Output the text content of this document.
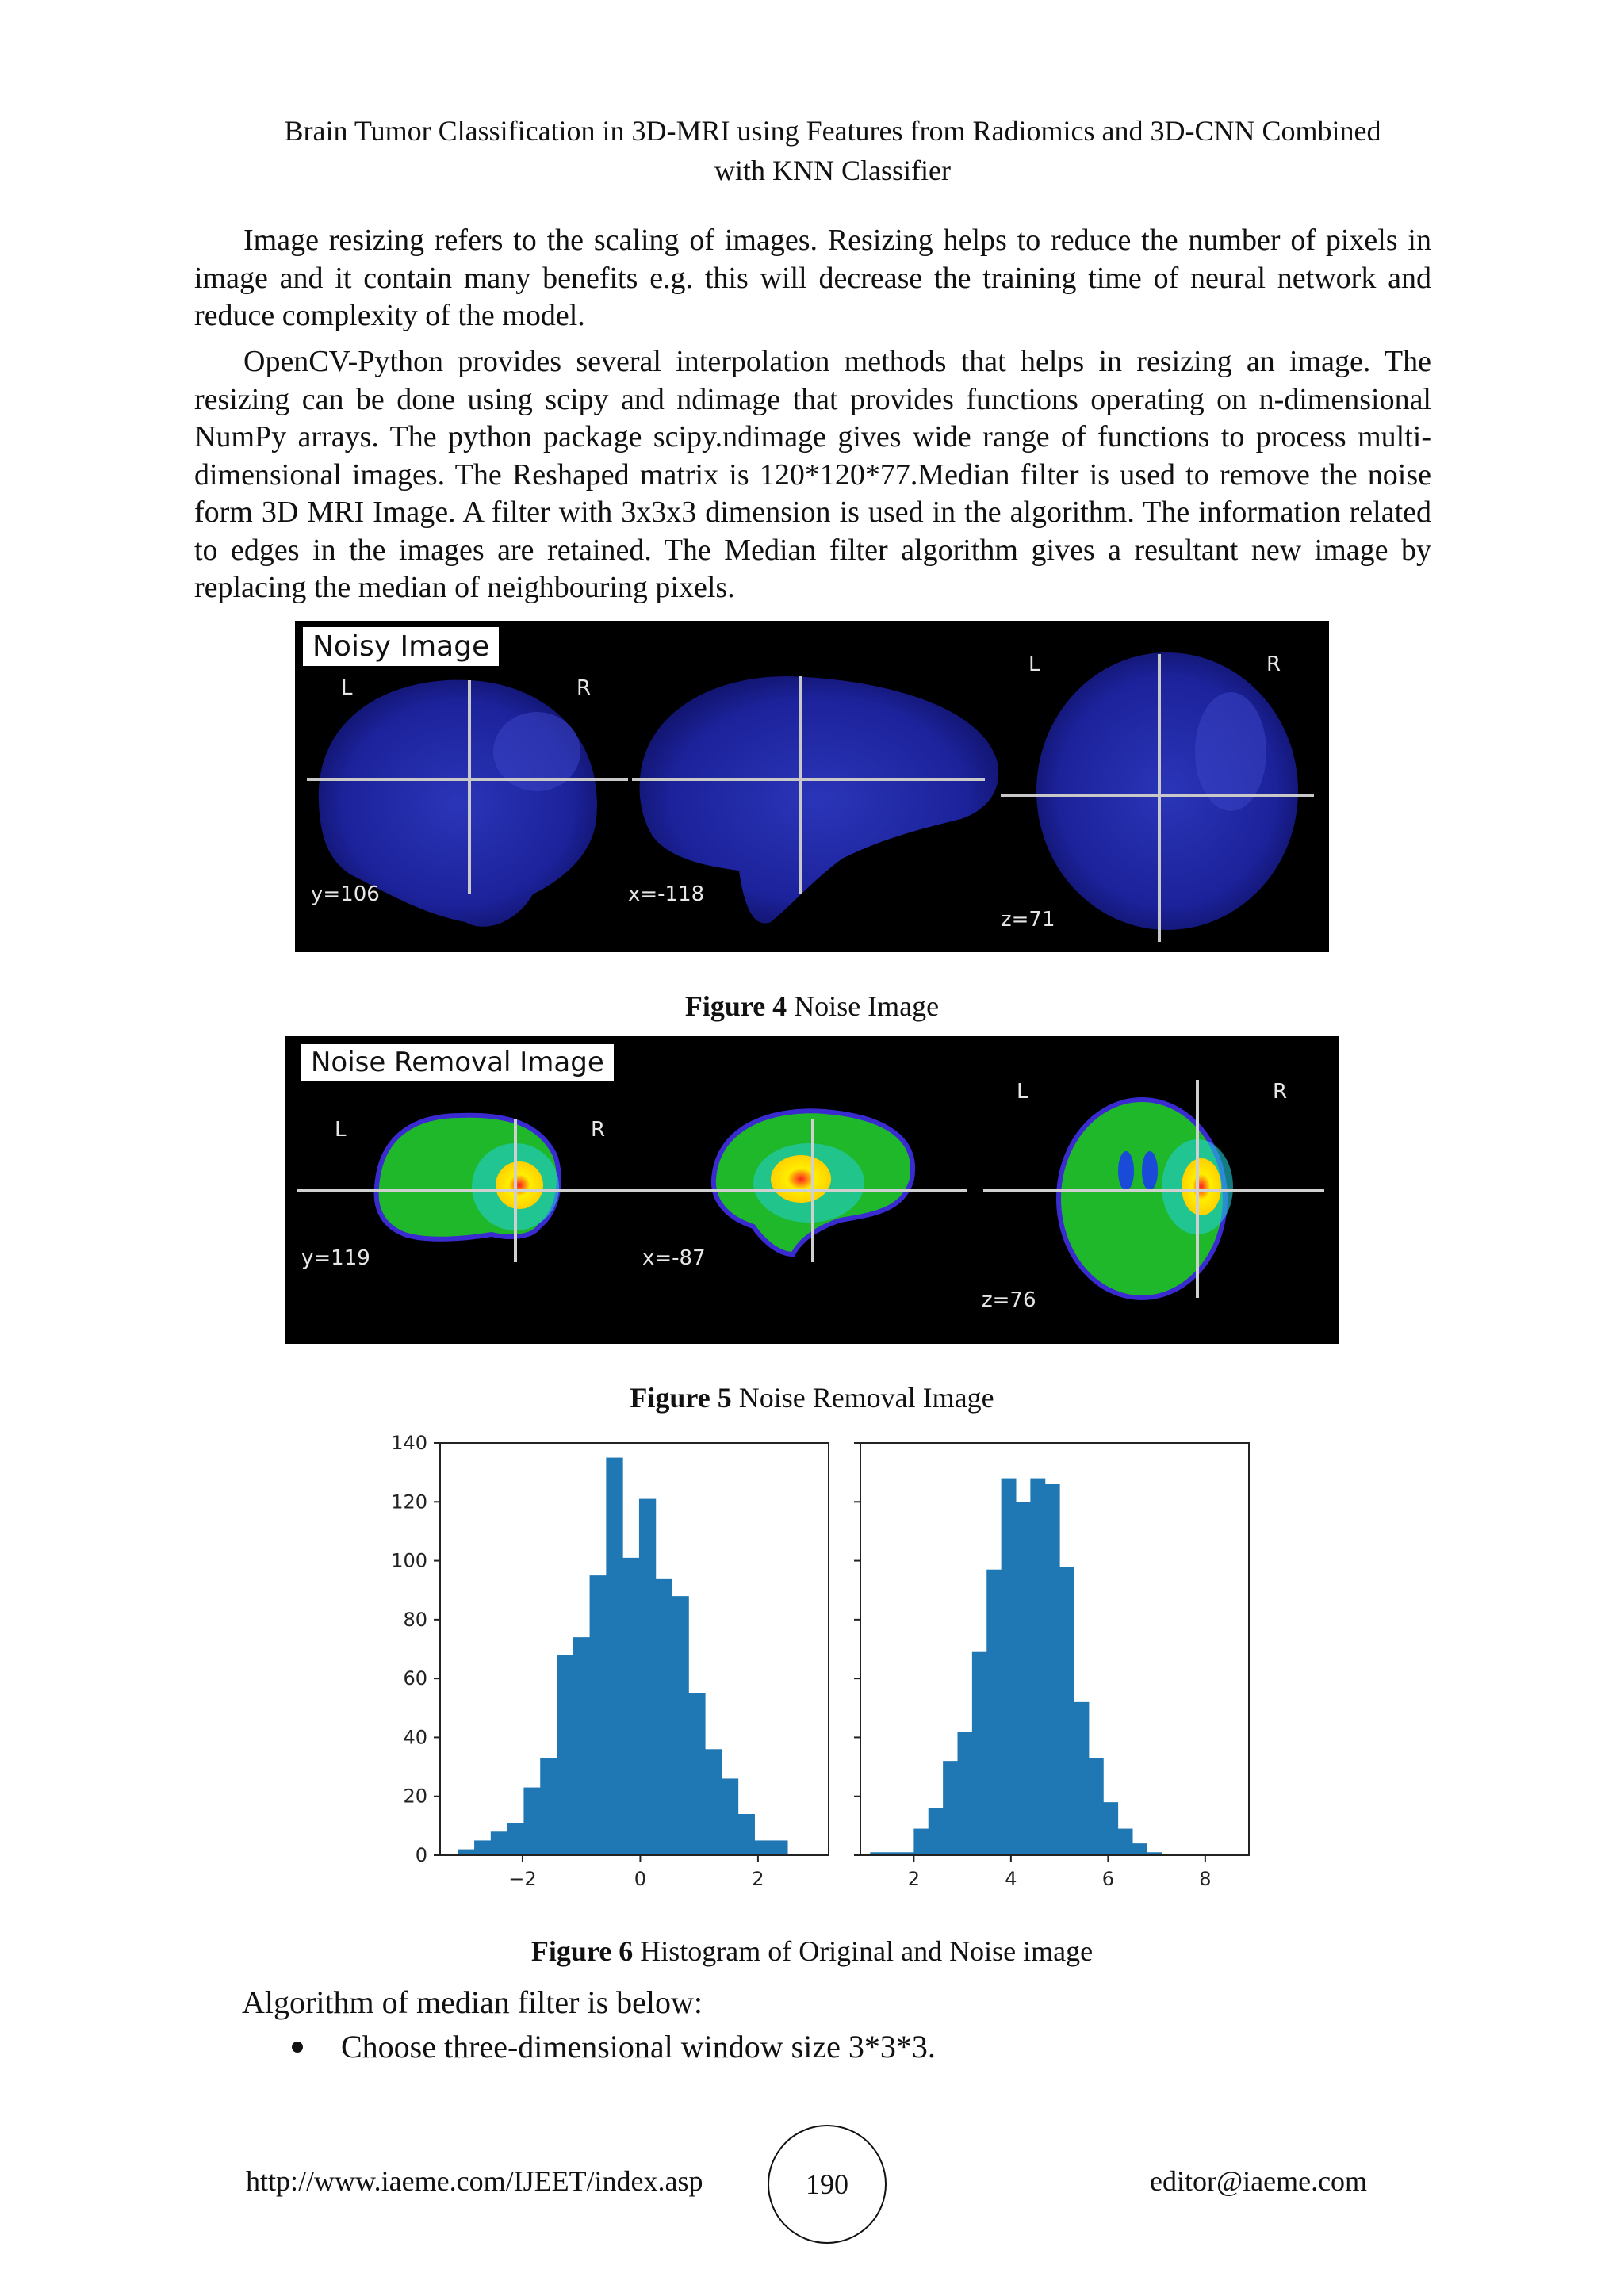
Brain Tumor Classification in 3D-MRI using Features from Radiomics and 3D-CNN Combined
with KNN Classifier

Image resizing refers to the scaling of images. Resizing helps to reduce the number of pixels in image and it contain many benefits e.g. this will decrease the training time of neural network and reduce complexity of the model.

OpenCV-Python provides several interpolation methods that helps in resizing an image. The resizing can be done using scipy and ndimage that provides functions operating on n-dimensional NumPy arrays. The python package scipy.ndimage gives wide range of functions to process multi-dimensional images. The Reshaped matrix is 120*120*77.Median filter is used to remove the noise form 3D MRI Image. A filter with 3x3x3 dimension is used in the algorithm. The information related to edges in the images are retained. The Median filter algorithm gives a resultant new image by replacing the median of neighbouring pixels.

Noisy Image
L	R
L	R
y=106	x=-118
z=71
Figure 4 Noise Image
Noise Removal Image
L	R
L	R
y=119	x=-87
z=76
Figure 5 Noise Removal Image
0
20
40
60
80
100
120
140
−2	0	2	2	4	6	8
Figure 6 Histogram of Original and Noise image
Algorithm of median filter is below:
Choose three-dimensional window size 3*3*3.
http://www.iaeme.com/IJEET/index.asp	190	editor@iaeme.com
